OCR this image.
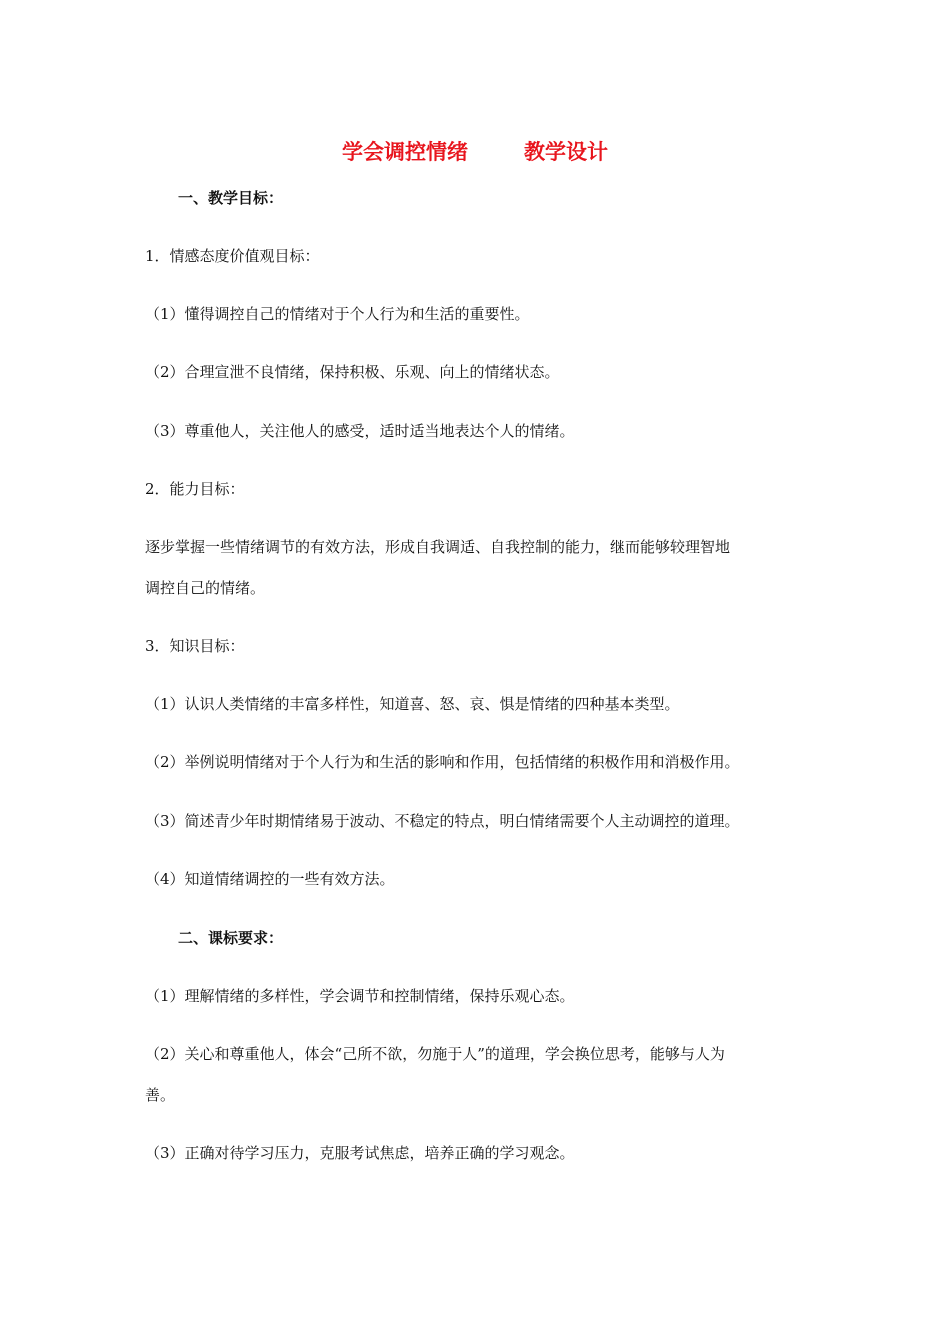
学会调控情绪	教学设计
一、教学目标：
1．情感态度价值观目标：
（1）懂得调控自己的情绪对于个人行为和生活的重要性。
（2）合理宣泄不良情绪，保持积极、乐观、向上的情绪状态。
（3）尊重他人，关注他人的感受，适时适当地表达个人的情绪。
2．能力目标：
逐步掌握一些情绪调节的有效方法，形成自我调适、自我控制的能力，继而能够较理智地
调控自己的情绪。
3．知识目标：
（1）认识人类情绪的丰富多样性，知道喜、怒、哀、惧是情绪的四种基本类型。
（2）举例说明情绪对于个人行为和生活的影响和作用，包括情绪的积极作用和消极作用。
（3）简述青少年时期情绪易于波动、不稳定的特点，明白情绪需要个人主动调控的道理。
（4）知道情绪调控的一些有效方法。
二、课标要求：
（1）理解情绪的多样性，学会调节和控制情绪，保持乐观心态。
（2）关心和尊重他人，体会“己所不欲，勿施于人”的道理，学会换位思考，能够与人为
善。
（3）正确对待学习压力，克服考试焦虑，培养正确的学习观念。
